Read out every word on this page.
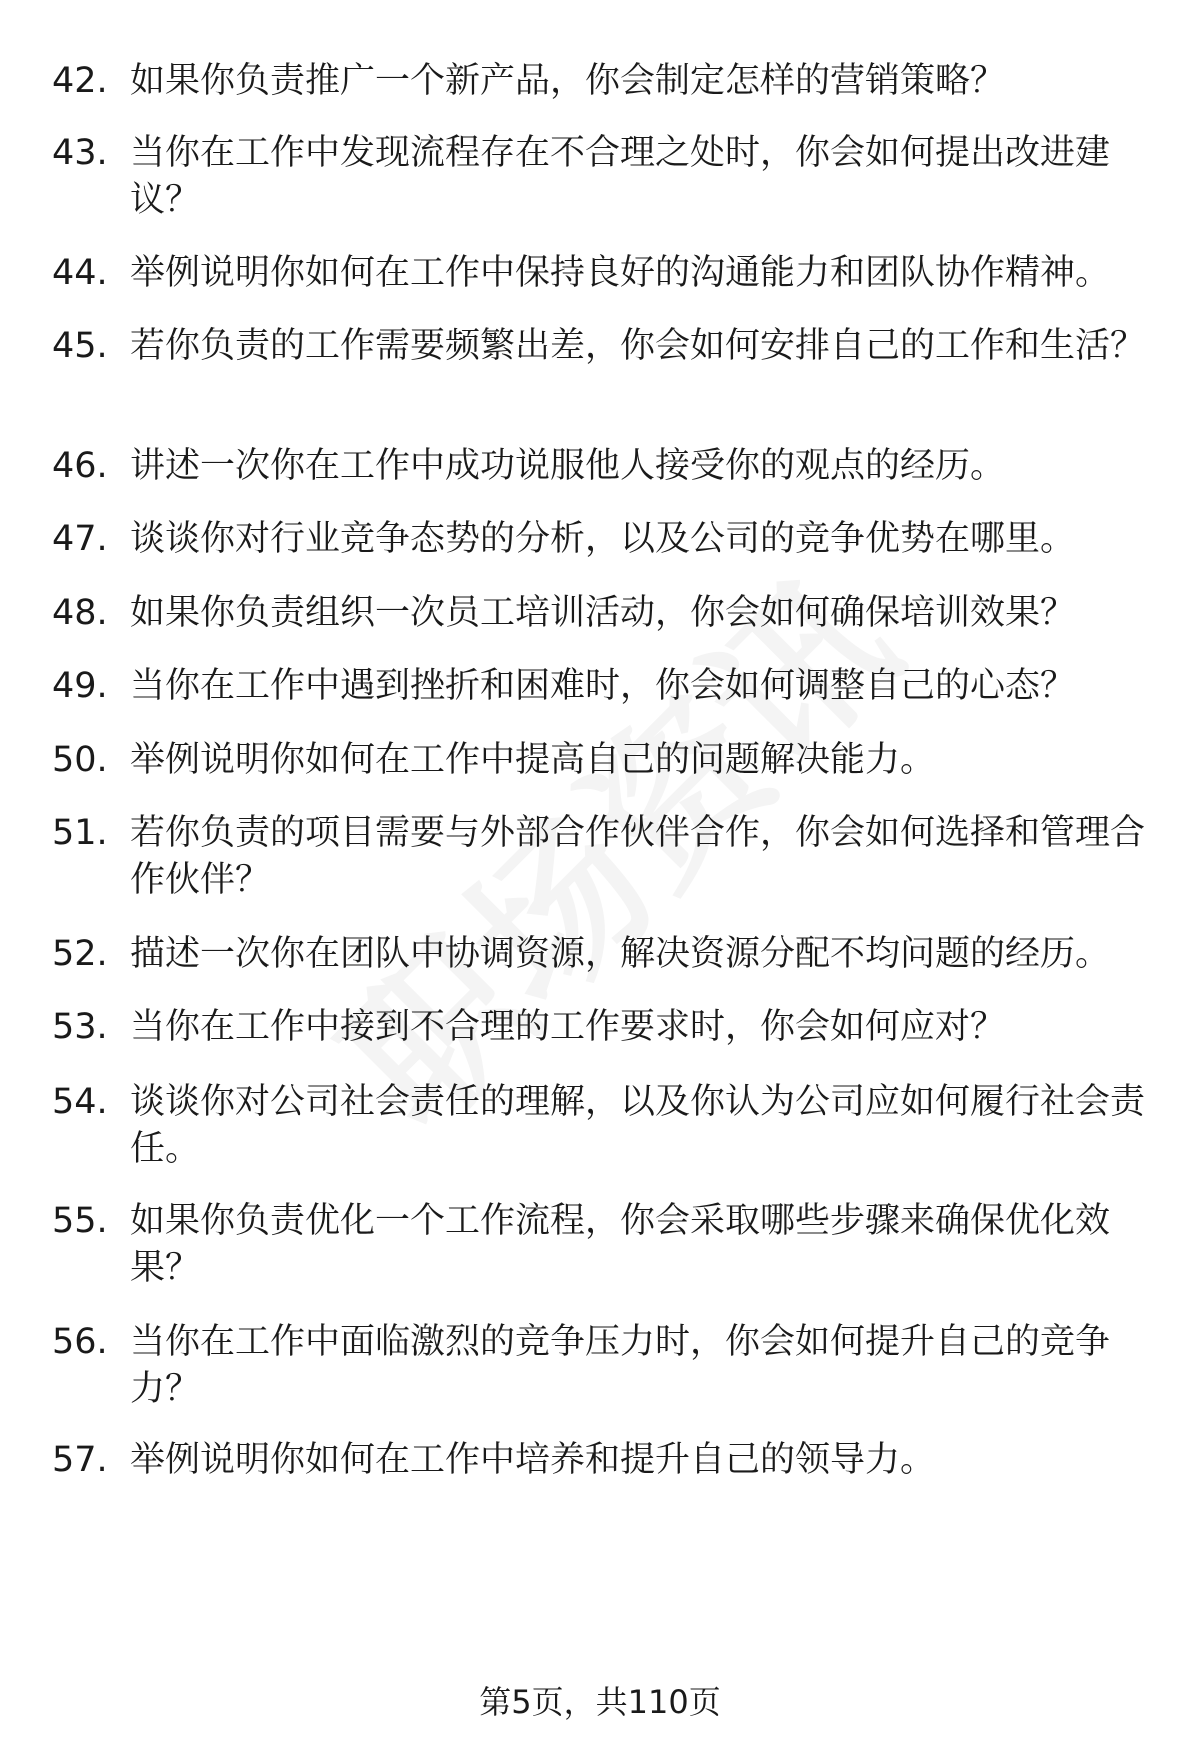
42. 如果你负责推广一个新产品，你会制定怎样的营销策略？
43. 当你在工作中发现流程存在不合理之处时，你会如何提出改进建议？
44. 举例说明你如何在工作中保持良好的沟通能力和团队协作精神。
45. 若你负责的工作需要频繁出差，你会如何安排自己的工作和生活？
46. 讲述一次你在工作中成功说服他人接受你的观点的经历。
47. 谈谈你对行业竞争态势的分析，以及公司的竞争优势在哪里。
48. 如果你负责组织一次员工培训活动，你会如何确保培训效果？
49. 当你在工作中遇到挫折和困难时，你会如何调整自己的心态？
50. 举例说明你如何在工作中提高自己的问题解决能力。
51. 若你负责的项目需要与外部合作伙伴合作，你会如何选择和管理合作伙伴？
52. 描述一次你在团队中协调资源，解决资源分配不均问题的经历。
53. 当你在工作中接到不合理的工作要求时，你会如何应对？
54. 谈谈你对公司社会责任的理解，以及你认为公司应如何履行社会责任。
55. 如果你负责优化一个工作流程，你会采取哪些步骤来确保优化效果？
56. 当你在工作中面临激烈的竞争压力时，你会如何提升自己的竞争力？
57. 举例说明你如何在工作中培养和提升自己的领导力。
第5页，共110页
